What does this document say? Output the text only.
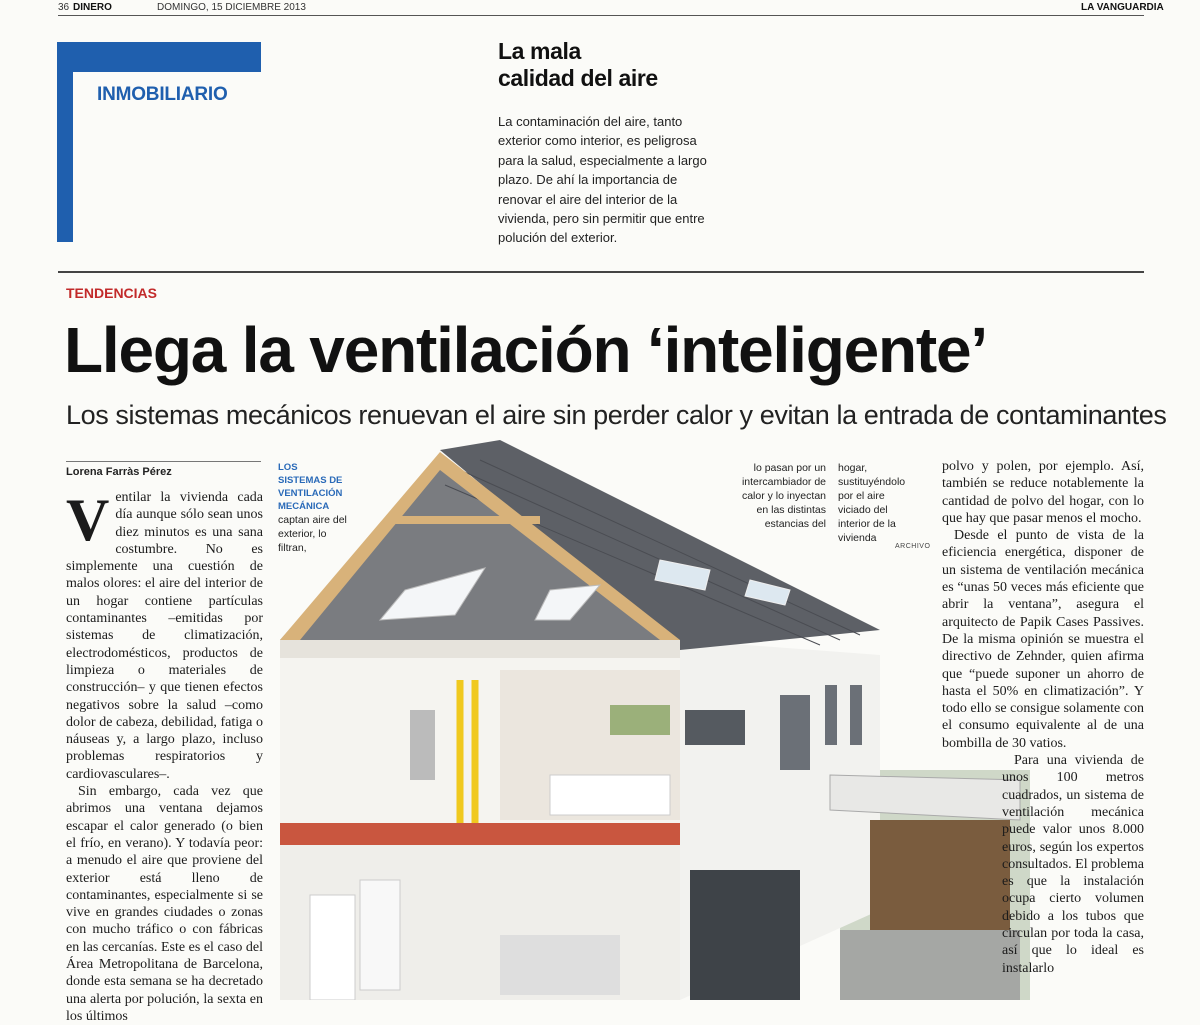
36 DINERO	DOMINGO, 15 DICIEMBRE 2013	LA VANGUARDIA
INMOBILIARIO
La mala
calidad del aire
La contaminación del aire, tanto exterior como interior, es peligrosa para la salud, especialmente a largo plazo. De ahí la importancia de renovar el aire del interior de la vivienda, pero sin permitir que entre polución del exterior.
TENDENCIAS
Llega la ventilación ‘inteligente’
Los sistemas mecánicos renuevan el aire sin perder calor y evitan la entrada de contaminantes
Lorena Farràs Pérez

Ventilar la vivienda cada día aunque sólo sean unos diez minutos es una sana costumbre. No es simplemente una cuestión de malos olores: el aire del interior de un hogar contiene partículas contaminantes –emitidas por sistemas de climatización, electrodomésticos, productos de limpieza o materiales de construcción– y que tienen efectos negativos sobre la salud –como dolor de cabeza, debilidad, fatiga o náuseas y, a largo plazo, incluso problemas respiratorios y cardiovasculares–.

Sin embargo, cada vez que abrimos una ventana dejamos escapar el calor generado (o bien el frío, en verano). Y todavía peor: a menudo el aire que proviene del exterior está lleno de contaminantes, especialmente si se vive en grandes ciudades o zonas con mucho tráfico o con fábricas en las cercanías. Este es el caso del Área Metropolitana de Barcelona, donde esta semana se ha decretado una alerta por polución, la sexta en los últimos

LOS SISTEMAS DE VENTILACIÓN MECÁNICA
captan aire del exterior, lo filtran,
lo pasan por un intercambiador de calor y lo inyectan en las distintas estancias del
hogar, sustituyéndolo por el aire viciado del interior de la vivienda
ARCHIVO

polvo y polen, por ejemplo. Así, también se reduce notablemente la cantidad de polvo del hogar, con lo que hay que pasar menos el mocho.

Desde el punto de vista de la eficiencia energética, disponer de un sistema de ventilación mecánica es “unas 50 veces más eficiente que abrir la ventana”, asegura el arquitecto de Papik Cases Passives. De la misma opinión se muestra el directivo de Zehnder, quien afirma que “puede suponer un ahorro de hasta el 50% en climatización”. Y todo ello se consigue solamente con el consumo equivalente al de una bombilla de 30 vatios.

Para una vivienda de unos 100 metros cuadrados, un sistema de ventilación mecánica puede valor unos 8.000 euros, según los expertos consultados. El problema es que la instalación ocupa cierto volumen debido a los tubos que circulan por toda la casa, así que lo ideal es instalarlo
